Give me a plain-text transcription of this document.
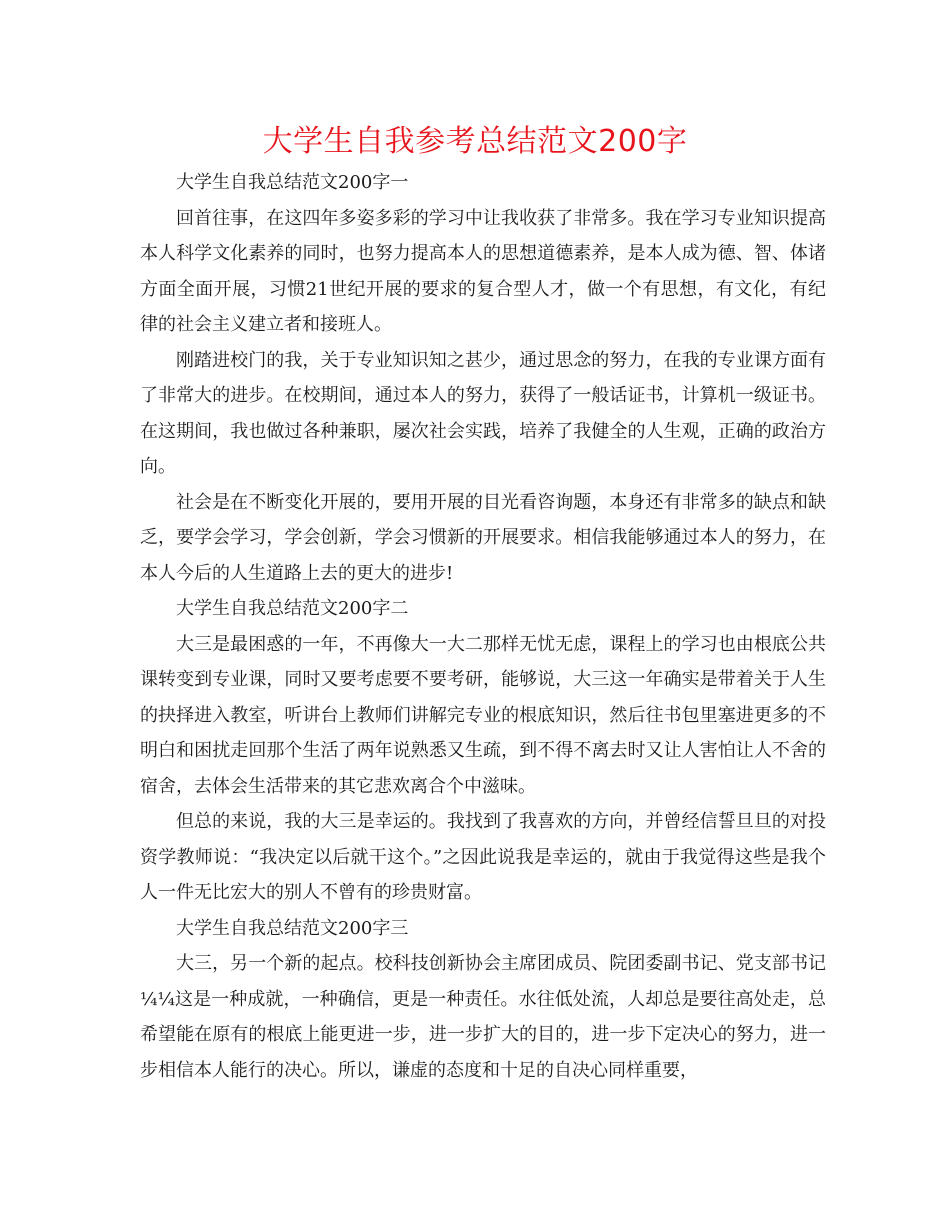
大学生自我参考总结范文200字

大学生自我总结范文200字一

回首往事，在这四年多姿多彩的学习中让我收获了非常多。我在学习专业知识提高本人科学文化素养的同时，也努力提高本人的思想道德素养，是本人成为德、智、体诸方面全面开展，习惯21世纪开展的要求的复合型人才，做一个有思想，有文化，有纪律的社会主义建立者和接班人。

刚踏进校门的我，关于专业知识知之甚少，通过思念的努力，在我的专业课方面有了非常大的进步。在校期间，通过本人的努力，获得了一般话证书，计算机一级证书。在这期间，我也做过各种兼职，屡次社会实践，培养了我健全的人生观，正确的政治方向。

社会是在不断变化开展的，要用开展的目光看咨询题，本身还有非常多的缺点和缺乏，要学会学习，学会创新，学会习惯新的开展要求。相信我能够通过本人的努力，在本人今后的人生道路上去的更大的进步!

大学生自我总结范文200字二

大三是最困惑的一年，不再像大一大二那样无忧无虑，课程上的学习也由根底公共课转变到专业课，同时又要考虑要不要考研，能够说，大三这一年确实是带着关于人生的抉择进入教室，听讲台上教师们讲解完专业的根底知识，然后往书包里塞进更多的不明白和困扰走回那个生活了两年说熟悉又生疏，到不得不离去时又让人害怕让人不舍的宿舍，去体会生活带来的其它悲欢离合个中滋味。

但总的来说，我的大三是幸运的。我找到了我喜欢的方向，并曾经信誓旦旦的对投资学教师说：“我决定以后就干这个。”之因此说我是幸运的，就由于我觉得这些是我个人一件无比宏大的别人不曾有的珍贵财富。

大学生自我总结范文200字三

大三，另一个新的起点。校科技创新协会主席团成员、院团委副书记、党支部书记¼¼这是一种成就，一种确信，更是一种责任。水往低处流，人却总是要往高处走，总希望能在原有的根底上能更进一步，进一步扩大的目的，进一步下定决心的努力，进一步相信本人能行的决心。所以，谦虚的态度和十足的自决心同样重要，
